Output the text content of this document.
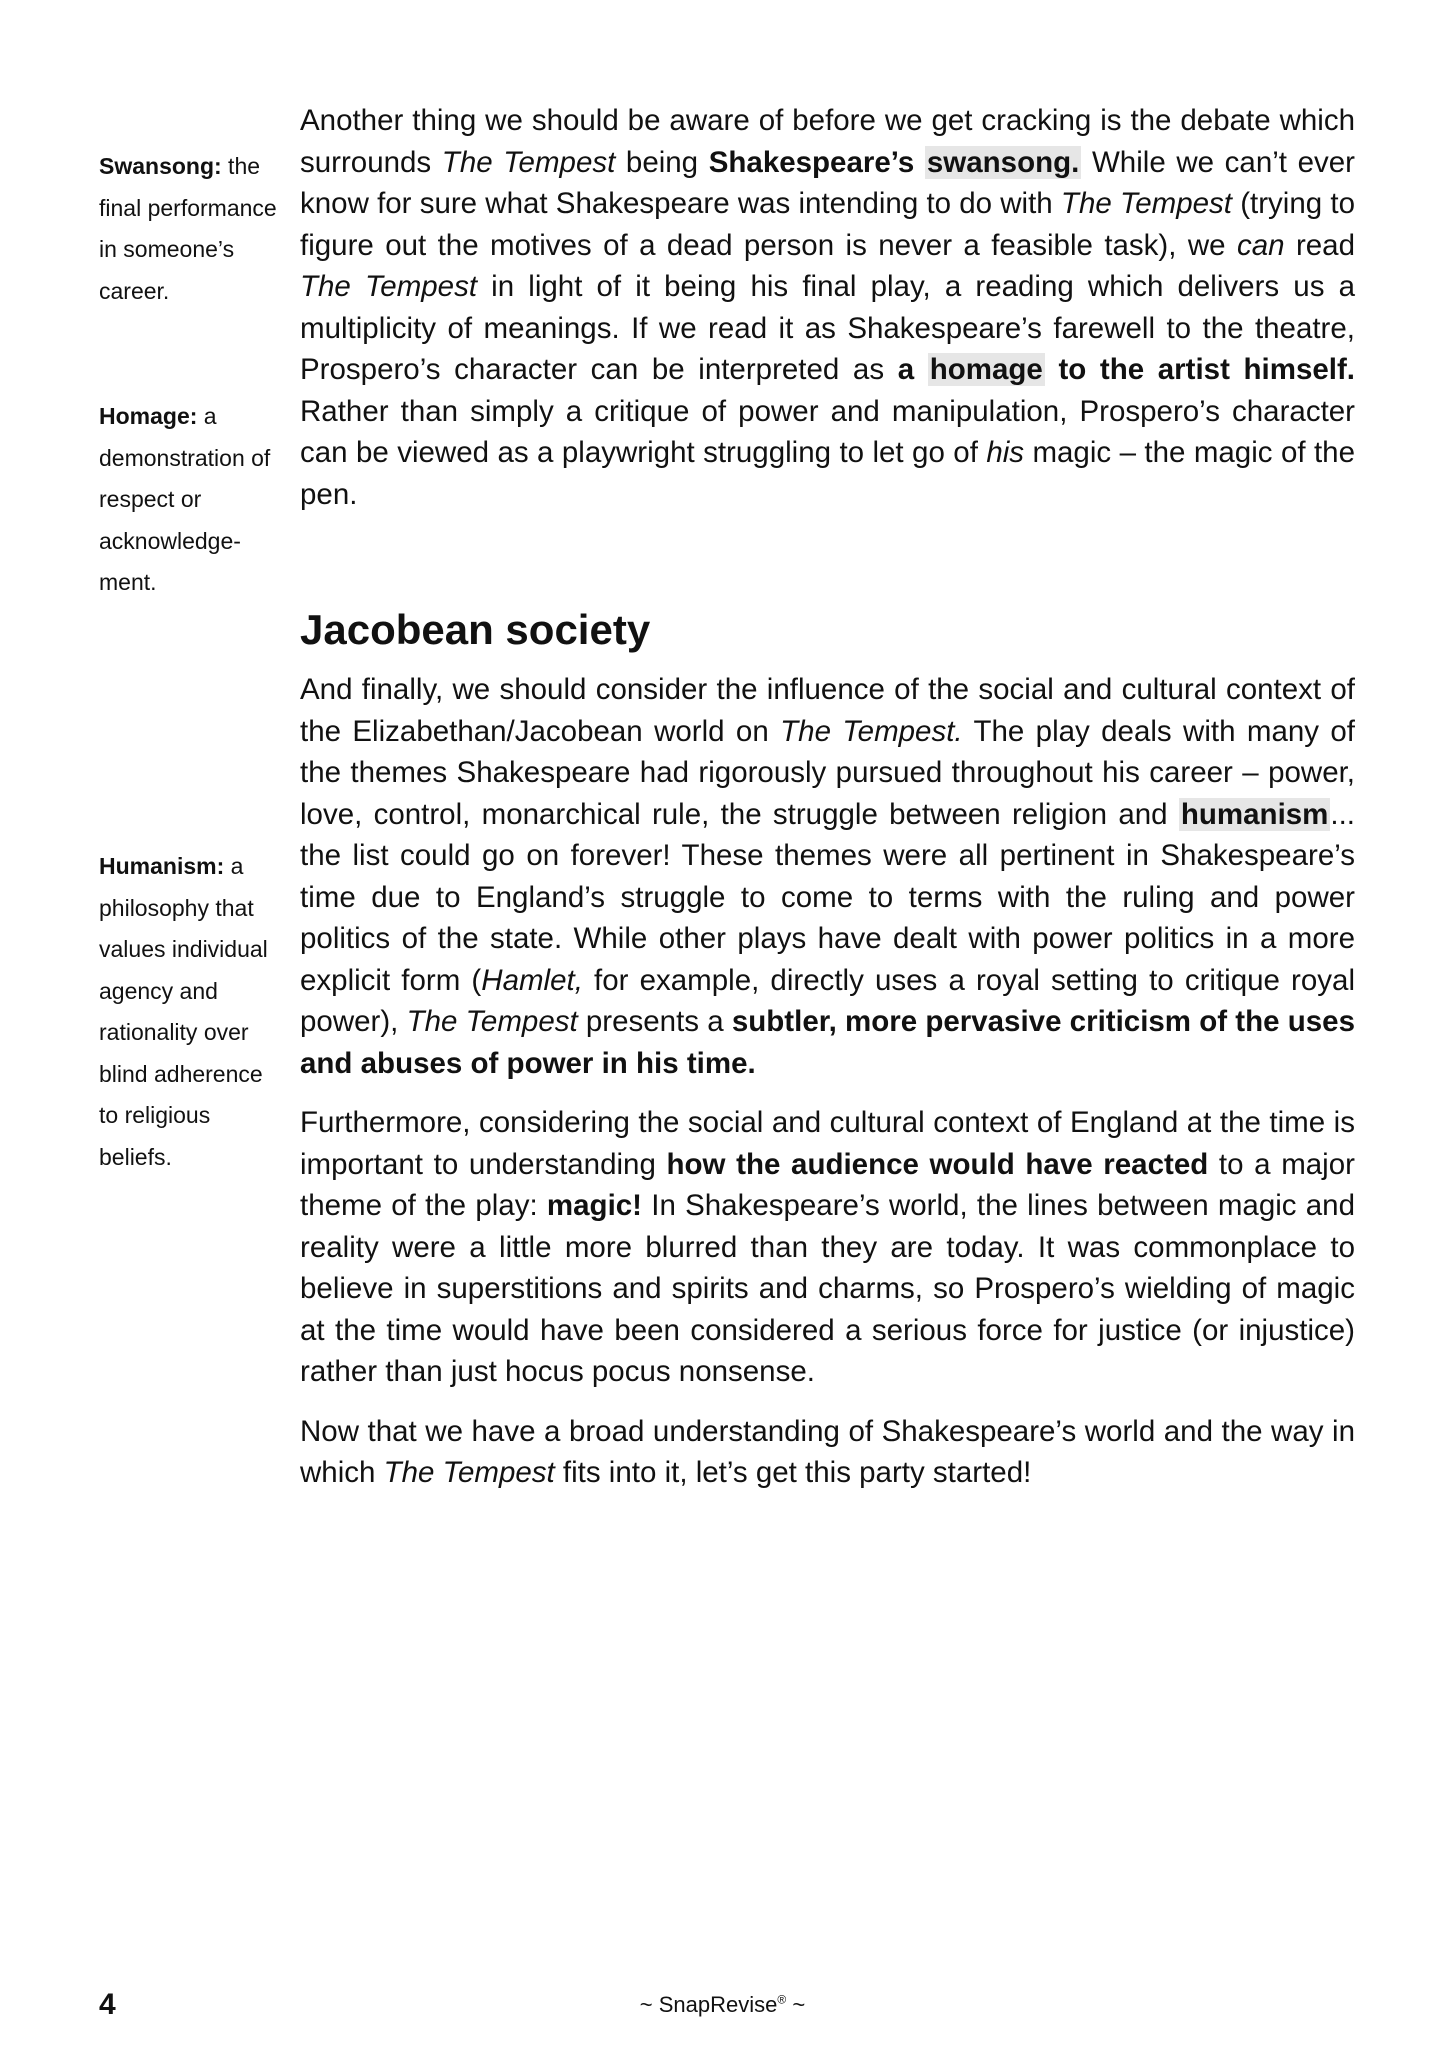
Swansong: the final performance in someone’s career.
Homage: a demonstration of respect or acknowledge-ment.
Humanism: a philosophy that values individual agency and rationality over blind adherence to religious beliefs.

Another thing we should be aware of before we get cracking is the debate which surrounds The Tempest being Shakespeare’s swansong. While we can’t ever know for sure what Shakespeare was intending to do with The Tempest (trying to figure out the motives of a dead person is never a feasible task), we can read The Tempest in light of it being his final play, a reading which delivers us a multiplicity of meanings. If we read it as Shakespeare’s farewell to the theatre, Prospero’s character can be interpreted as a homage to the artist himself. Rather than simply a critique of power and manipulation, Prospero’s character can be viewed as a playwright struggling to let go of his magic – the magic of the pen.

Jacobean society

And finally, we should consider the influence of the social and cultural context of the Elizabethan/Jacobean world on The Tempest. The play deals with many of the themes Shakespeare had rigorously pursued throughout his career – power, love, control, monarchical rule, the struggle between religion and humanism... the list could go on forever! These themes were all pertinent in Shakespeare’s time due to England’s struggle to come to terms with the ruling and power politics of the state. While other plays have dealt with power politics in a more explicit form (Hamlet, for example, directly uses a royal setting to critique royal power), The Tempest presents a subtler, more pervasive criticism of the uses and abuses of power in his time.

Furthermore, considering the social and cultural context of England at the time is important to understanding how the audience would have reacted to a major theme of the play: magic! In Shakespeare’s world, the lines between magic and reality were a little more blurred than they are today. It was commonplace to believe in superstitions and spirits and charms, so Prospero’s wielding of magic at the time would have been considered a serious force for justice (or injustice) rather than just hocus pocus nonsense.

Now that we have a broad understanding of Shakespeare’s world and the way in which The Tempest fits into it, let’s get this party started!

4	~ SnapRevise® ~
